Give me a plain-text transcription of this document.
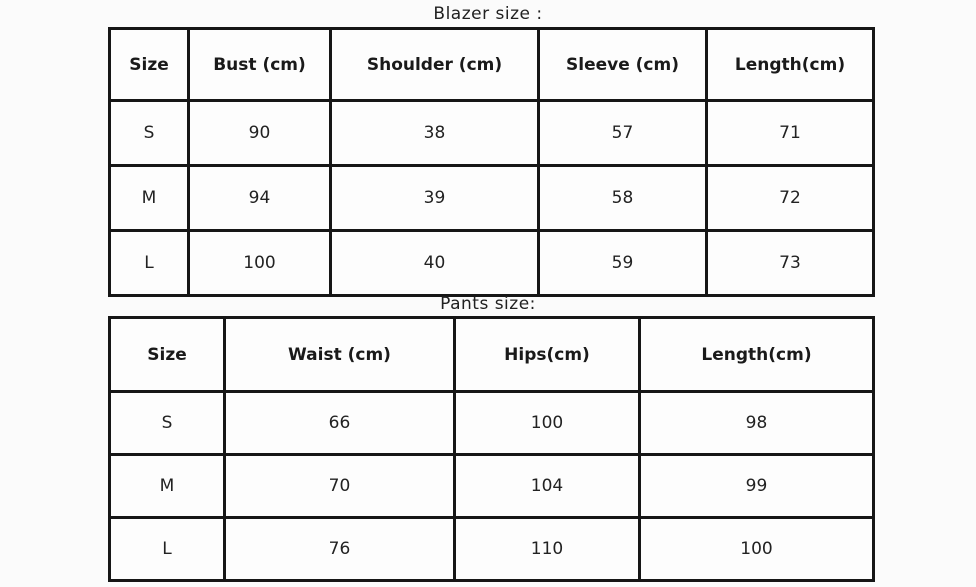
Blazer size :
Size	Bust (cm)	Shoulder (cm)	Sleeve (cm)	Length(cm)
S	90	38	57	71
M	94	39	58	72
L	100	40	59	73
Pants size:
Size	Waist (cm)	Hips(cm)	Length(cm)
S	66	100	98
M	70	104	99
L	76	110	100
